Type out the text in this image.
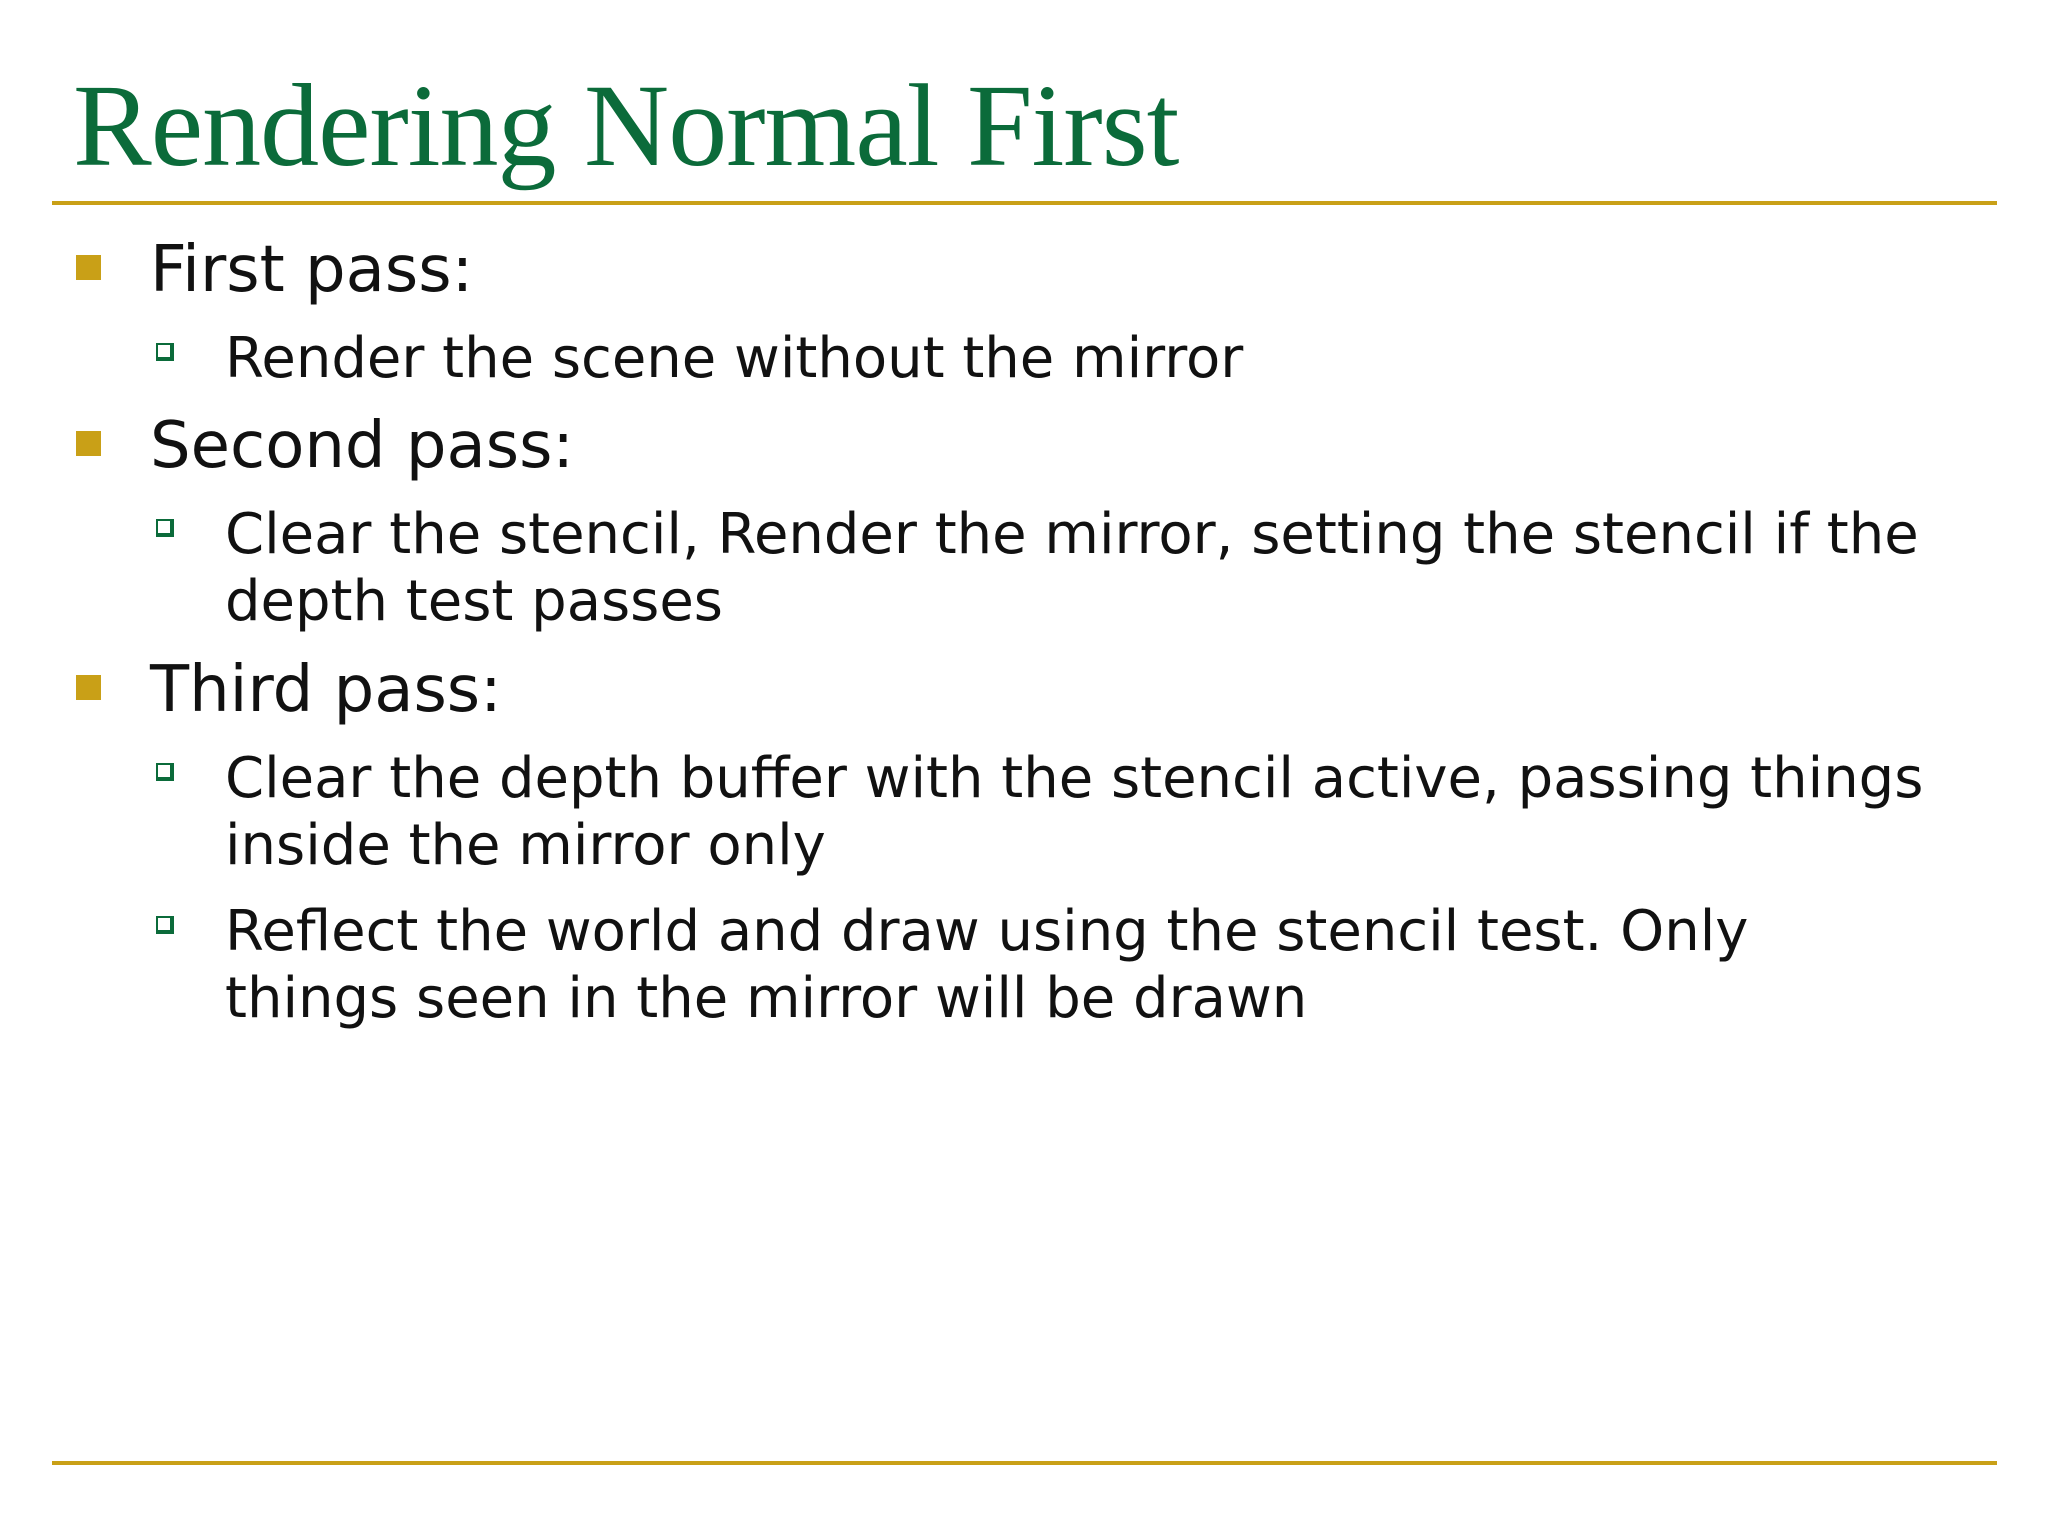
Rendering Normal First
First pass:
Render the scene without the mirror
Second pass:
Clear the stencil, Render the mirror, setting the stencil if the depth test passes
Third pass:
Clear the depth buffer with the stencil active, passing things inside the mirror only
Reflect the world and draw using the stencil test. Only things seen in the mirror will be drawn
